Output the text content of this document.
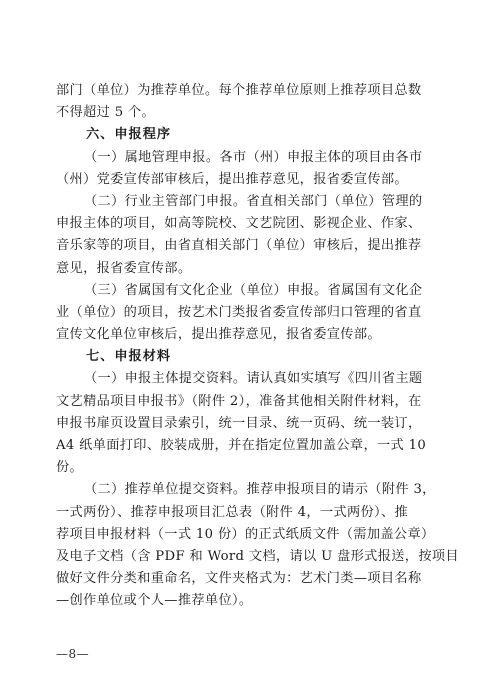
部门（单位）为推荐单位。每个推荐单位原则上推荐项目总数
不得超过 5 个。
六、申报程序
（一）属地管理申报。各市（州）申报主体的项目由各市
（州）党委宣传部审核后，提出推荐意见，报省委宣传部。
（二）行业主管部门申报。省直相关部门（单位）管理的
申报主体的项目，如高等院校、文艺院团、影视企业、作家、
音乐家等的项目，由省直相关部门（单位）审核后，提出推荐
意见，报省委宣传部。
（三）省属国有文化企业（单位）申报。省属国有文化企
业（单位）的项目，按艺术门类报省委宣传部归口管理的省直
宣传文化单位审核后，提出推荐意见，报省委宣传部。
七、申报材料
（一）申报主体提交资料。请认真如实填写《四川省主题
文艺精品项目申报书》（附件 2），准备其他相关附件材料，在
申报书扉页设置目录索引，统一目录、统一页码、统一装订，
A4 纸单面打印、胶装成册，并在指定位置加盖公章，一式 10
份。
（二）推荐单位提交资料。推荐申报项目的请示（附件 3，
一式两份）、推荐申报项目汇总表（附件 4，一式两份）、推
荐项目申报材料（一式 10 份）的正式纸质文件（需加盖公章）
及电子文档（含 PDF 和 Word 文档，请以 U 盘形式报送，按项目
做好文件分类和重命名，文件夹格式为：艺术门类—项目名称
—创作单位或个人—推荐单位）。
—8—
